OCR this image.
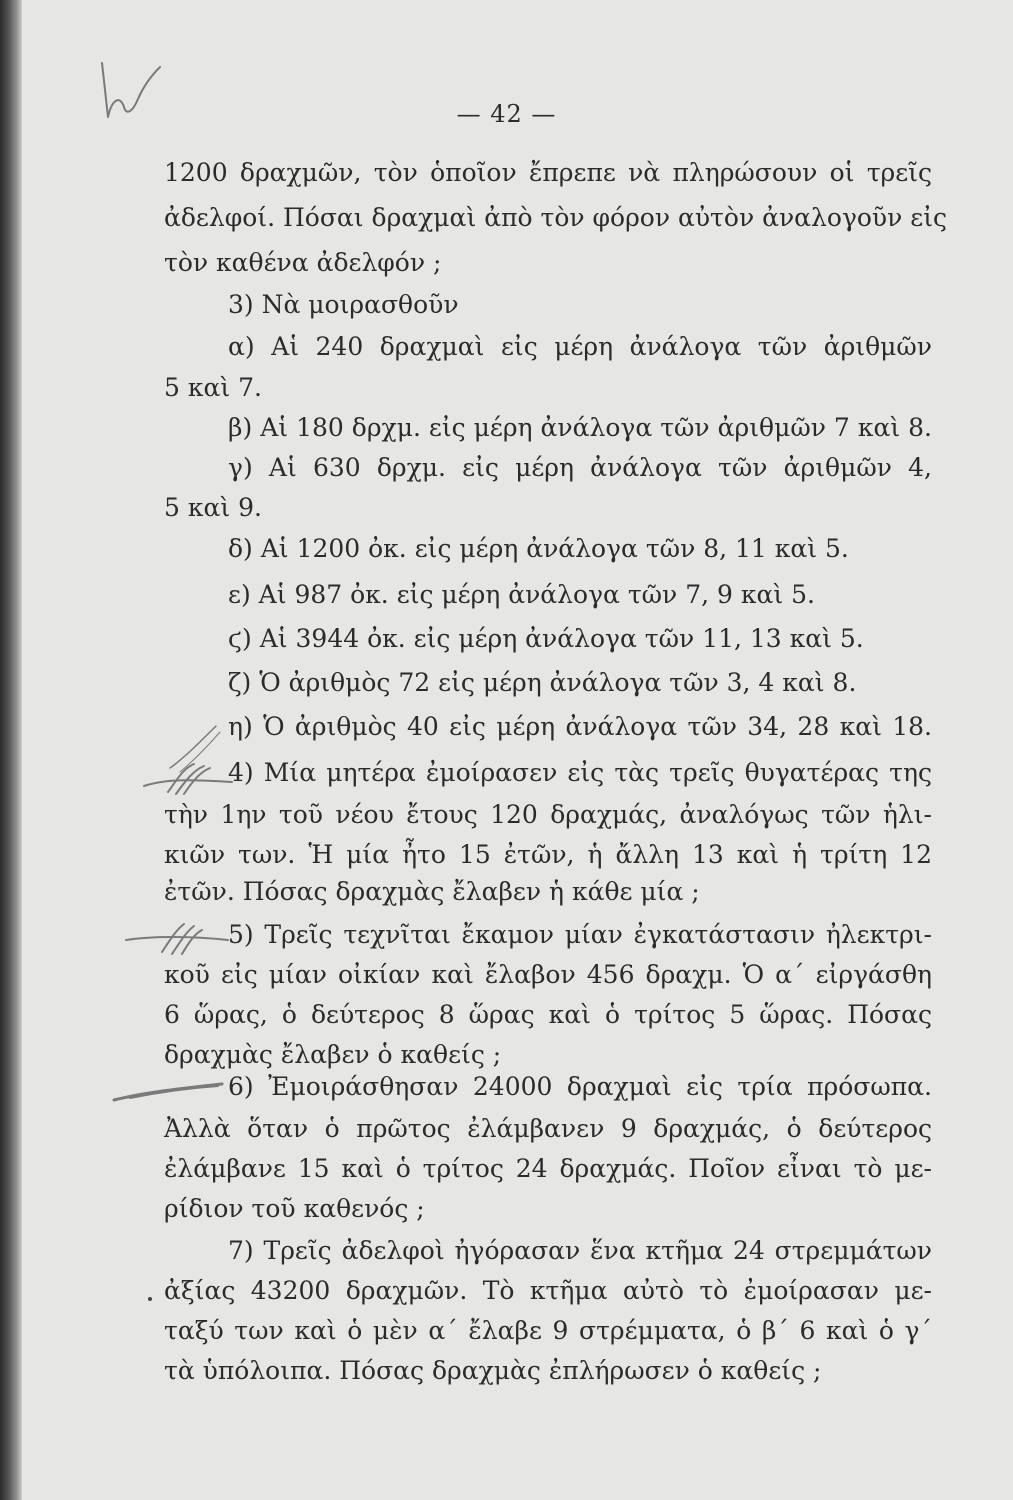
— 42 —
1200 δραχμῶν, τὸν ὁποῖον ἔπρεπε νὰ πληρώσουν οἱ τρεῖς
ἀδελφοί. Πόσαι δραχμαὶ ἀπὸ τὸν φόρον αὐτὸν ἀναλογοῦν εἰς
τὸν καθένα ἀδελφόν ;
3) Νὰ μοιρασθοῦν
α) Αἱ 240 δραχμαὶ εἰς μέρη ἀνάλογα τῶν ἀριθμῶν
5 καὶ 7.
β) Αἱ 180 δρχμ. εἰς μέρη ἀνάλογα τῶν ἀριθμῶν 7 καὶ 8.
γ) Αἱ 630 δρχμ. εἰς μέρη ἀνάλογα τῶν ἀριθμῶν 4,
5 καὶ 9.
δ) Αἱ 1200 ὀκ. εἰς μέρη ἀνάλογα τῶν 8, 11 καὶ 5.
ε) Αἱ 987 ὀκ. εἰς μέρη ἀνάλογα τῶν 7, 9 καὶ 5.
ϛ) Αἱ 3944 ὀκ. εἰς μέρη ἀνάλογα τῶν 11, 13 καὶ 5.
ζ) Ὁ ἀριθμὸς 72 εἰς μέρη ἀνάλογα τῶν 3, 4 καὶ 8.
η) Ὁ ἀριθμὸς 40 εἰς μέρη ἀνάλογα τῶν 34, 28 καὶ 18.
4) Μία μητέρα ἐμοίρασεν εἰς τὰς τρεῖς θυγατέρας της
τὴν 1ην τοῦ νέου ἔτους 120 δραχμάς, ἀναλόγως τῶν ἡλι-
κιῶν των. Ἡ μία ἦτο 15 ἐτῶν, ἡ ἄλλη 13 καὶ ἡ τρίτη 12
ἐτῶν. Πόσας δραχμὰς ἔλαβεν ἡ κάθε μία ;
5) Τρεῖς τεχνῖται ἔκαμον μίαν ἐγκατάστασιν ἠλεκτρι-
κοῦ εἰς μίαν οἰκίαν καὶ ἔλαβον 456 δραχμ. Ὁ α΄ εἰργάσθη
6 ὥρας, ὁ δεύτερος 8 ὥρας καὶ ὁ τρίτος 5 ὥρας. Πόσας
δραχμὰς ἔλαβεν ὁ καθείς ;
6) Ἐμοιράσθησαν 24000 δραχμαὶ εἰς τρία πρόσωπα.
Ἀλλὰ ὅταν ὁ πρῶτος ἐλάμβανεν 9 δραχμάς, ὁ δεύτερος
ἐλάμβανε 15 καὶ ὁ τρίτος 24 δραχμάς. Ποῖον εἶναι τὸ με-
ρίδιον τοῦ καθενός ;
7) Τρεῖς ἀδελφοὶ ἠγόρασαν ἕνα κτῆμα 24 στρεμμάτων
ἀξίας 43200 δραχμῶν. Τὸ κτῆμα αὐτὸ τὸ ἐμοίρασαν με-
ταξύ των καὶ ὁ μὲν α΄ ἔλαβε 9 στρέμματα, ὁ β΄ 6 καὶ ὁ γ΄
τὰ ὑπόλοιπα. Πόσας δραχμὰς ἐπλήρωσεν ὁ καθείς ;
